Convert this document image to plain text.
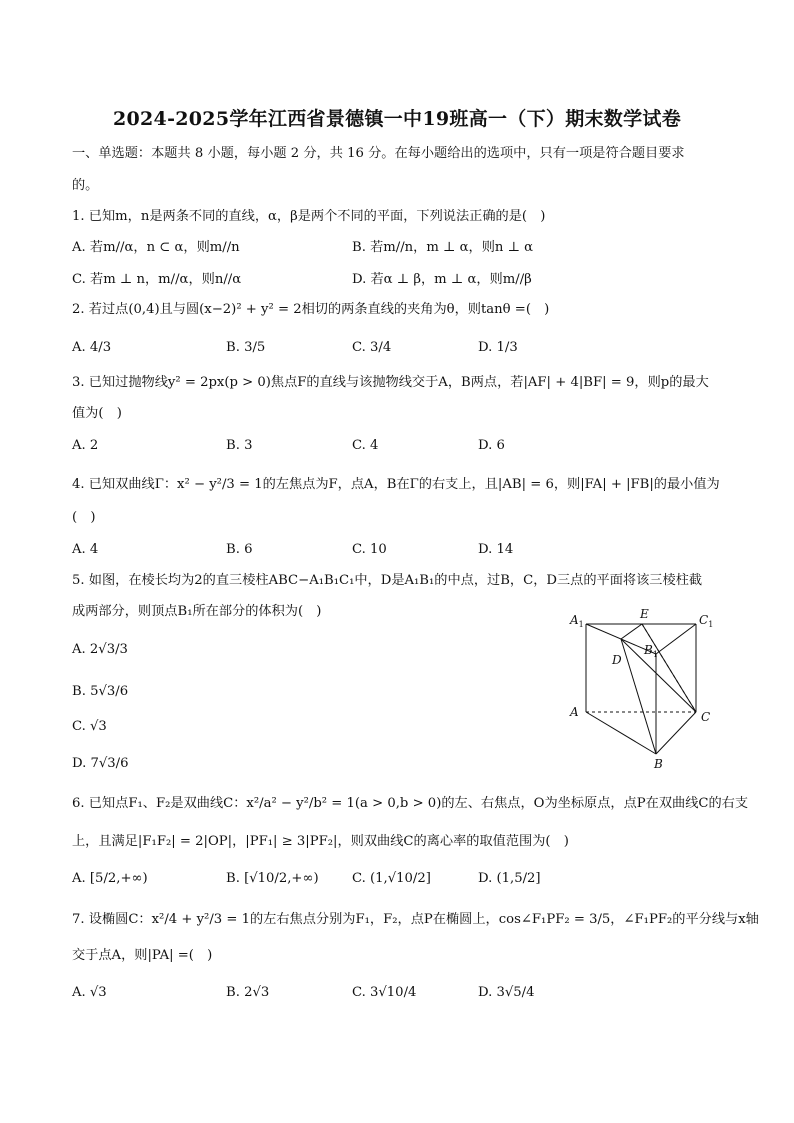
2024-2025学年江西省景德镇一中19班高一（下）期末数学试卷
一、单选题：本题共 8 小题，每小题 2 分，共 16 分。在每小题给出的选项中，只有一项是符合题目要求
的。
1. 已知m，n是两条不同的直线，α，β是两个不同的平面，下列说法正确的是(　)
A. 若m//α，n ⊂ α，则m//n	B. 若m//n，m ⊥ α，则n ⊥ α
C. 若m ⊥ n，m//α，则n//α	D. 若α ⊥ β，m ⊥ α，则m//β
2. 若过点(0,4)且与圆(x−2)² + y² = 2相切的两条直线的夹角为θ，则tanθ =(　)
A. 4/3	B. 3/5	C. 3/4	D. 1/3
3. 已知过抛物线y² = 2px(p > 0)焦点F的直线与该抛物线交于A，B两点，若|AF| + 4|BF| = 9，则p的最大
值为(　)
A. 2	B. 3	C. 4	D. 6
4. 已知双曲线Γ：x² − y²/3 = 1的左焦点为F，点A，B在Γ的右支上，且|AB| = 6，则|FA| + |FB|的最小值为
(　)
A. 4	B. 6	C. 10	D. 14
5. 如图，在棱长均为2的直三棱柱ABC−A₁B₁C₁中，D是A₁B₁的中点，过B，C，D三点的平面将该三棱柱截
成两部分，则顶点B₁所在部分的体积为(　)
A. 2√3/3
B. 5√3/6
C. √3
D. 7√3/6
$A_1$
E	$C_1$
D
$B_1$
A	C
B
6. 已知点F₁、F₂是双曲线C：x²/a² − y²/b² = 1(a > 0,b > 0)的左、右焦点，O为坐标原点，点P在双曲线C的右支
上，且满足|F₁F₂| = 2|OP|，|PF₁| ≥ 3|PF₂|，则双曲线C的离心率的取值范围为(　)
A. [5/2,+∞)	B. [√10/2,+∞)	C. (1,√10/2]	D. (1,5/2]
7. 设椭圆C：x²/4 + y²/3 = 1的左右焦点分别为F₁，F₂，点P在椭圆上，cos∠F₁PF₂ = 3/5，∠F₁PF₂的平分线与x轴
交于点A，则|PA| =(　)
A. √3	B. 2√3	C. 3√10/4	D. 3√5/4
